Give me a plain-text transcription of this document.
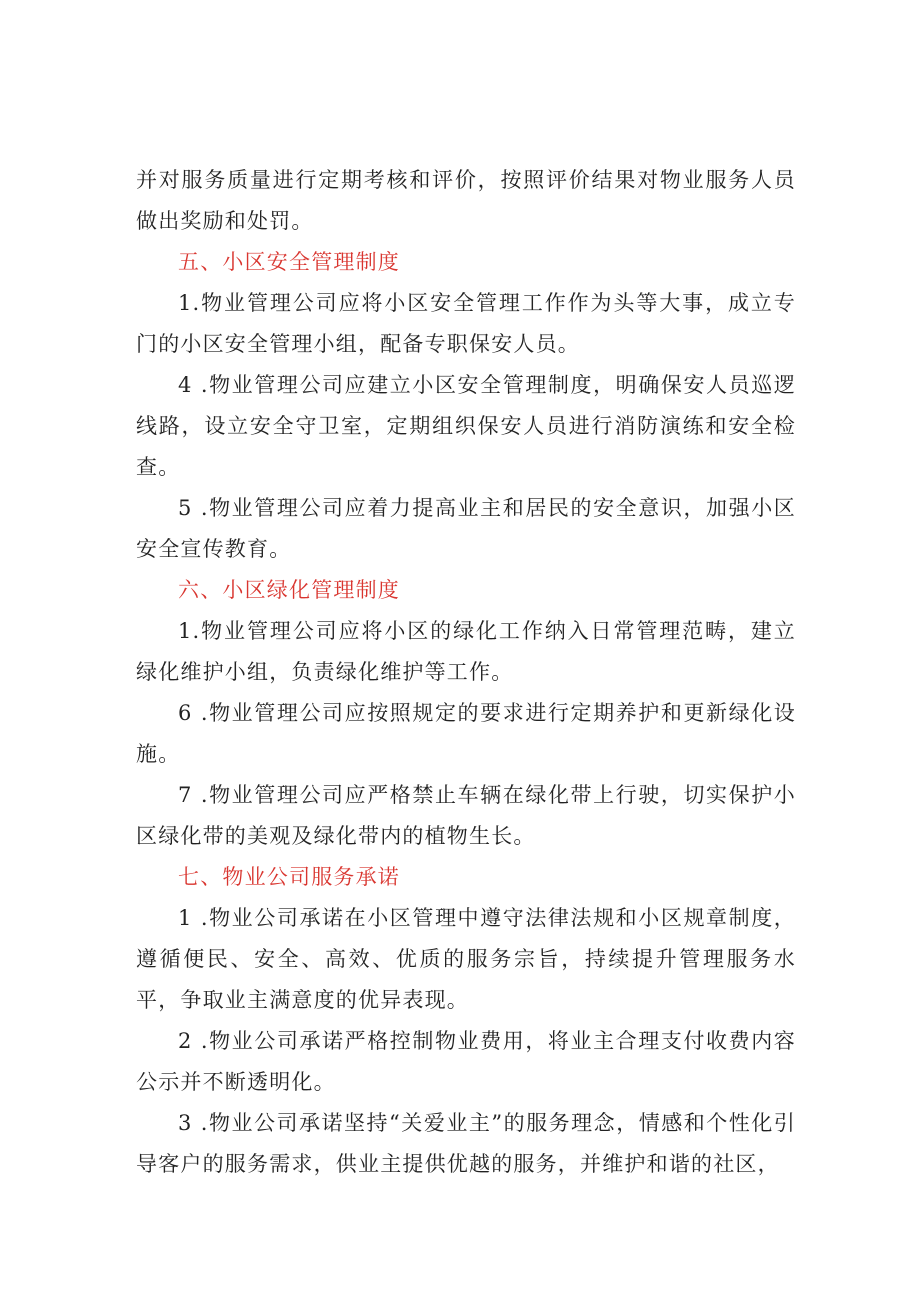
并对服务质量进行定期考核和评价，按照评价结果对物业服务人员做出奖励和处罚。

五、小区安全管理制度

1.物业管理公司应将小区安全管理工作作为头等大事，成立专门的小区安全管理小组，配备专职保安人员。

4 .物业管理公司应建立小区安全管理制度，明确保安人员巡逻线路，设立安全守卫室，定期组织保安人员进行消防演练和安全检查。

5 .物业管理公司应着力提高业主和居民的安全意识，加强小区安全宣传教育。

六、小区绿化管理制度

1.物业管理公司应将小区的绿化工作纳入日常管理范畴，建立绿化维护小组，负责绿化维护等工作。

6 .物业管理公司应按照规定的要求进行定期养护和更新绿化设施。

7 .物业管理公司应严格禁止车辆在绿化带上行驶，切实保护小区绿化带的美观及绿化带内的植物生长。

七、物业公司服务承诺

1 .物业公司承诺在小区管理中遵守法律法规和小区规章制度，遵循便民、安全、高效、优质的服务宗旨，持续提升管理服务水平，争取业主满意度的优异表现。

2 .物业公司承诺严格控制物业费用，将业主合理支付收费内容公示并不断透明化。

3 .物业公司承诺坚持“关爱业主”的服务理念，情感和个性化引导客户的服务需求，供业主提供优越的服务，并维护和谐的社区，
